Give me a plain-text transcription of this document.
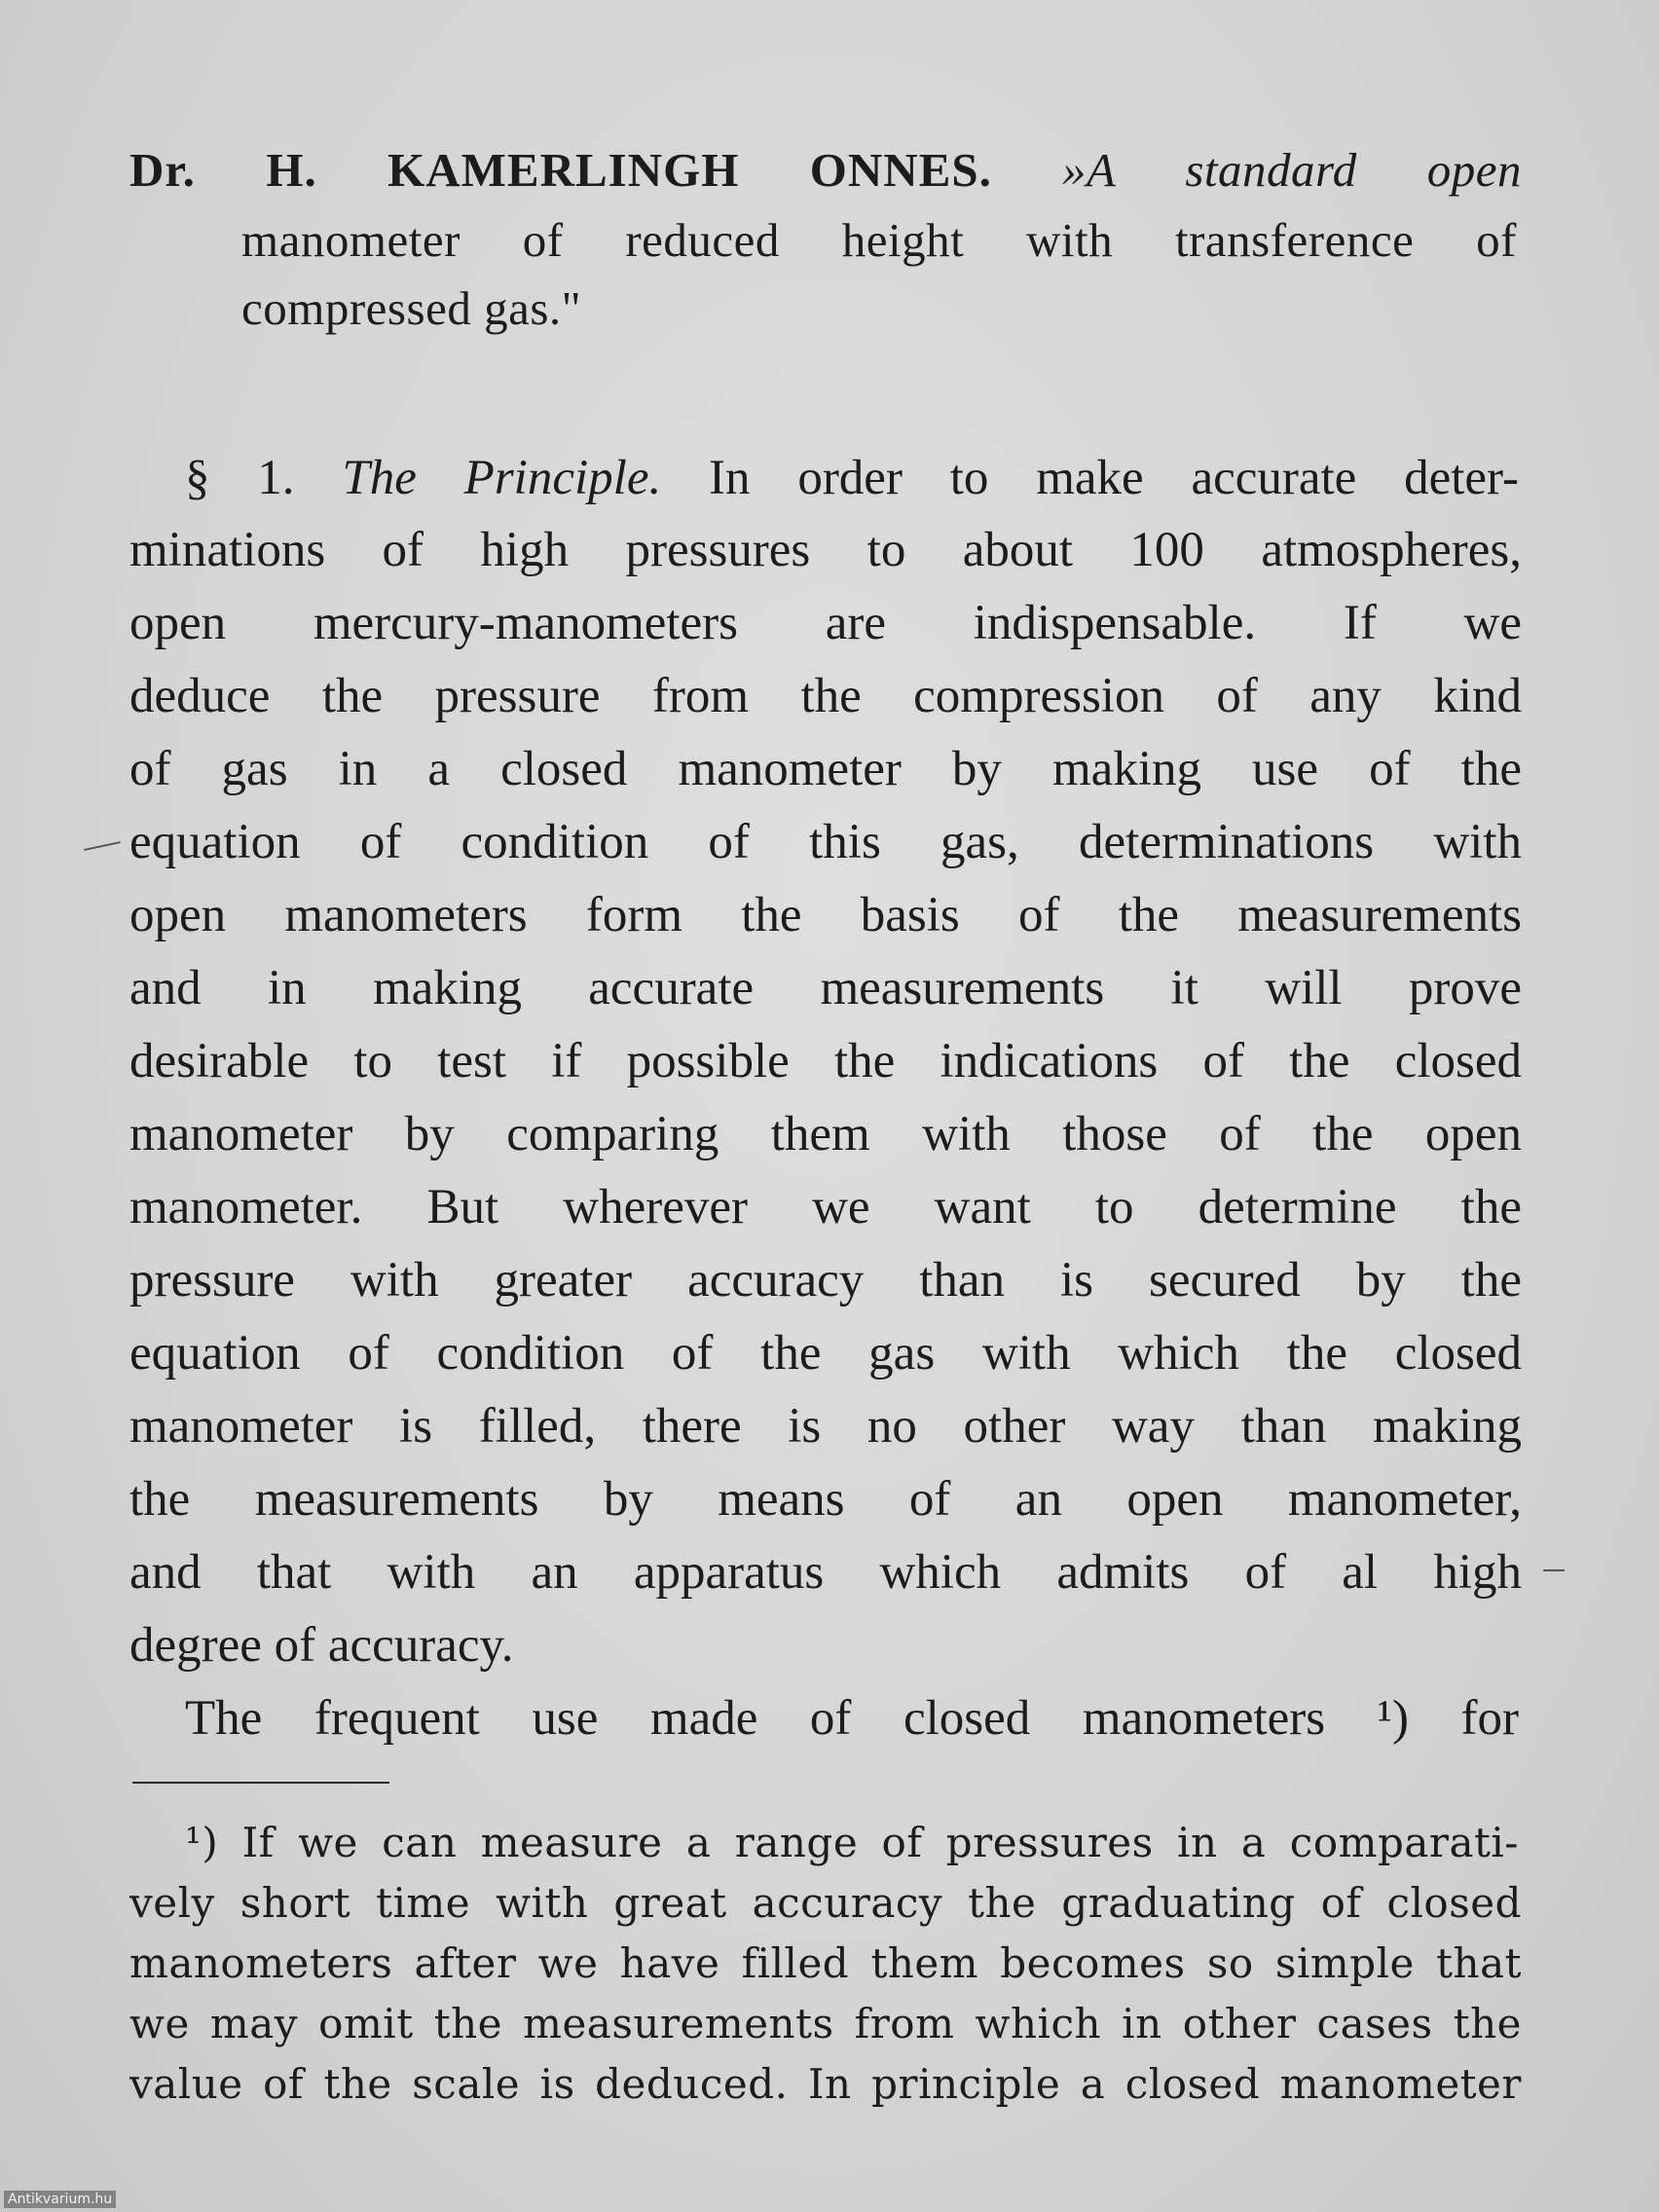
Dr. H. KAMERLINGH ONNES. »A standard open
manometer of reduced height with transference of
compressed gas."
§ 1. The Principle. In order to make accurate deter-
minations of high pressures to about 100 atmospheres,
open mercury-manometers are indispensable. If we
deduce the pressure from the compression of any kind
of gas in a closed manometer by making use of the
equation of condition of this gas, determinations with
open manometers form the basis of the measurements
and in making accurate measurements it will prove
desirable to test if possible the indications of the closed
manometer by comparing them with those of the open
manometer. But wherever we want to determine the
pressure with greater accuracy than is secured by the
equation of condition of the gas with which the closed
manometer is filled, there is no other way than making
the measurements by means of an open manometer,
and that with an apparatus which admits of al high
degree of accuracy.
The frequent use made of closed manometers ¹) for
¹) If we can measure a range of pressures in a comparati-
vely short time with great accuracy the graduating of closed
manometers after we have filled them becomes so simple that
we may omit the measurements from which in other cases the
value of the scale is deduced. In principle a closed manometer
Antikvarium.hu
